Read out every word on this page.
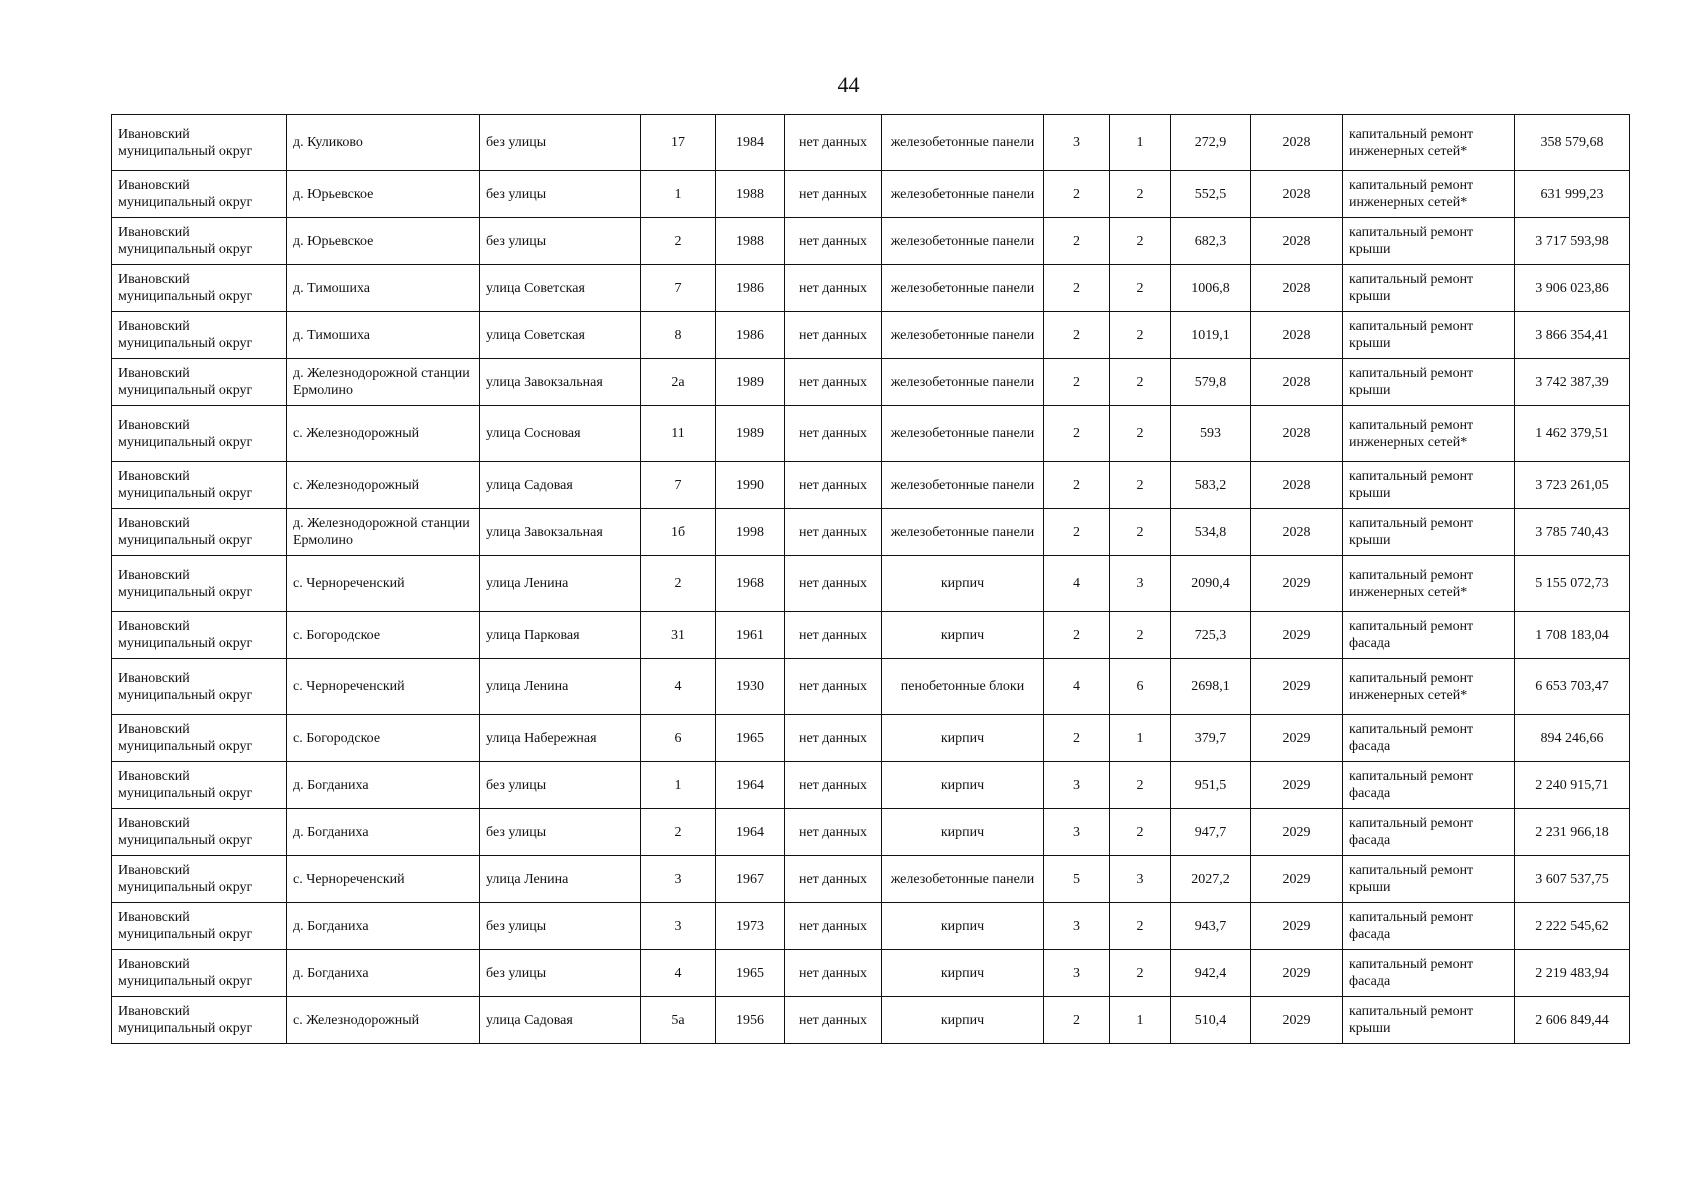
44
Ивановский муниципальный округ	д. Куликово	без улицы	17	1984	нет данных	железобетонные панели	3	1	272,9	2028	капитальный ремонт инженерных сетей*	358 579,68
Ивановский муниципальный округ	д. Юрьевское	без улицы	1	1988	нет данных	железобетонные панели	2	2	552,5	2028	капитальный ремонт инженерных сетей*	631 999,23
Ивановский муниципальный округ	д. Юрьевское	без улицы	2	1988	нет данных	железобетонные панели	2	2	682,3	2028	капитальный ремонт крыши	3 717 593,98
Ивановский муниципальный округ	д. Тимошиха	улица Советская	7	1986	нет данных	железобетонные панели	2	2	1006,8	2028	капитальный ремонт крыши	3 906 023,86
Ивановский муниципальный округ	д. Тимошиха	улица Советская	8	1986	нет данных	железобетонные панели	2	2	1019,1	2028	капитальный ремонт крыши	3 866 354,41
Ивановский муниципальный округ	д. Железнодорожной станции Ермолино	улица Завокзальная	2а	1989	нет данных	железобетонные панели	2	2	579,8	2028	капитальный ремонт крыши	3 742 387,39
Ивановский муниципальный округ	с. Железнодорожный	улица Сосновая	11	1989	нет данных	железобетонные панели	2	2	593	2028	капитальный ремонт инженерных сетей*	1 462 379,51
Ивановский муниципальный округ	с. Железнодорожный	улица Садовая	7	1990	нет данных	железобетонные панели	2	2	583,2	2028	капитальный ремонт крыши	3 723 261,05
Ивановский муниципальный округ	д. Железнодорожной станции Ермолино	улица Завокзальная	1б	1998	нет данных	железобетонные панели	2	2	534,8	2028	капитальный ремонт крыши	3 785 740,43
Ивановский муниципальный округ	с. Чернореченский	улица Ленина	2	1968	нет данных	кирпич	4	3	2090,4	2029	капитальный ремонт инженерных сетей*	5 155 072,73
Ивановский муниципальный округ	с. Богородское	улица Парковая	31	1961	нет данных	кирпич	2	2	725,3	2029	капитальный ремонт фасада	1 708 183,04
Ивановский муниципальный округ	с. Чернореченский	улица Ленина	4	1930	нет данных	пенобетонные блоки	4	6	2698,1	2029	капитальный ремонт инженерных сетей*	6 653 703,47
Ивановский муниципальный округ	с. Богородское	улица Набережная	6	1965	нет данных	кирпич	2	1	379,7	2029	капитальный ремонт фасада	894 246,66
Ивановский муниципальный округ	д. Богданиха	без улицы	1	1964	нет данных	кирпич	3	2	951,5	2029	капитальный ремонт фасада	2 240 915,71
Ивановский муниципальный округ	д. Богданиха	без улицы	2	1964	нет данных	кирпич	3	2	947,7	2029	капитальный ремонт фасада	2 231 966,18
Ивановский муниципальный округ	с. Чернореченский	улица Ленина	3	1967	нет данных	железобетонные панели	5	3	2027,2	2029	капитальный ремонт крыши	3 607 537,75
Ивановский муниципальный округ	д. Богданиха	без улицы	3	1973	нет данных	кирпич	3	2	943,7	2029	капитальный ремонт фасада	2 222 545,62
Ивановский муниципальный округ	д. Богданиха	без улицы	4	1965	нет данных	кирпич	3	2	942,4	2029	капитальный ремонт фасада	2 219 483,94
Ивановский муниципальный округ	с. Железнодорожный	улица Садовая	5а	1956	нет данных	кирпич	2	1	510,4	2029	капитальный ремонт крыши	2 606 849,44
